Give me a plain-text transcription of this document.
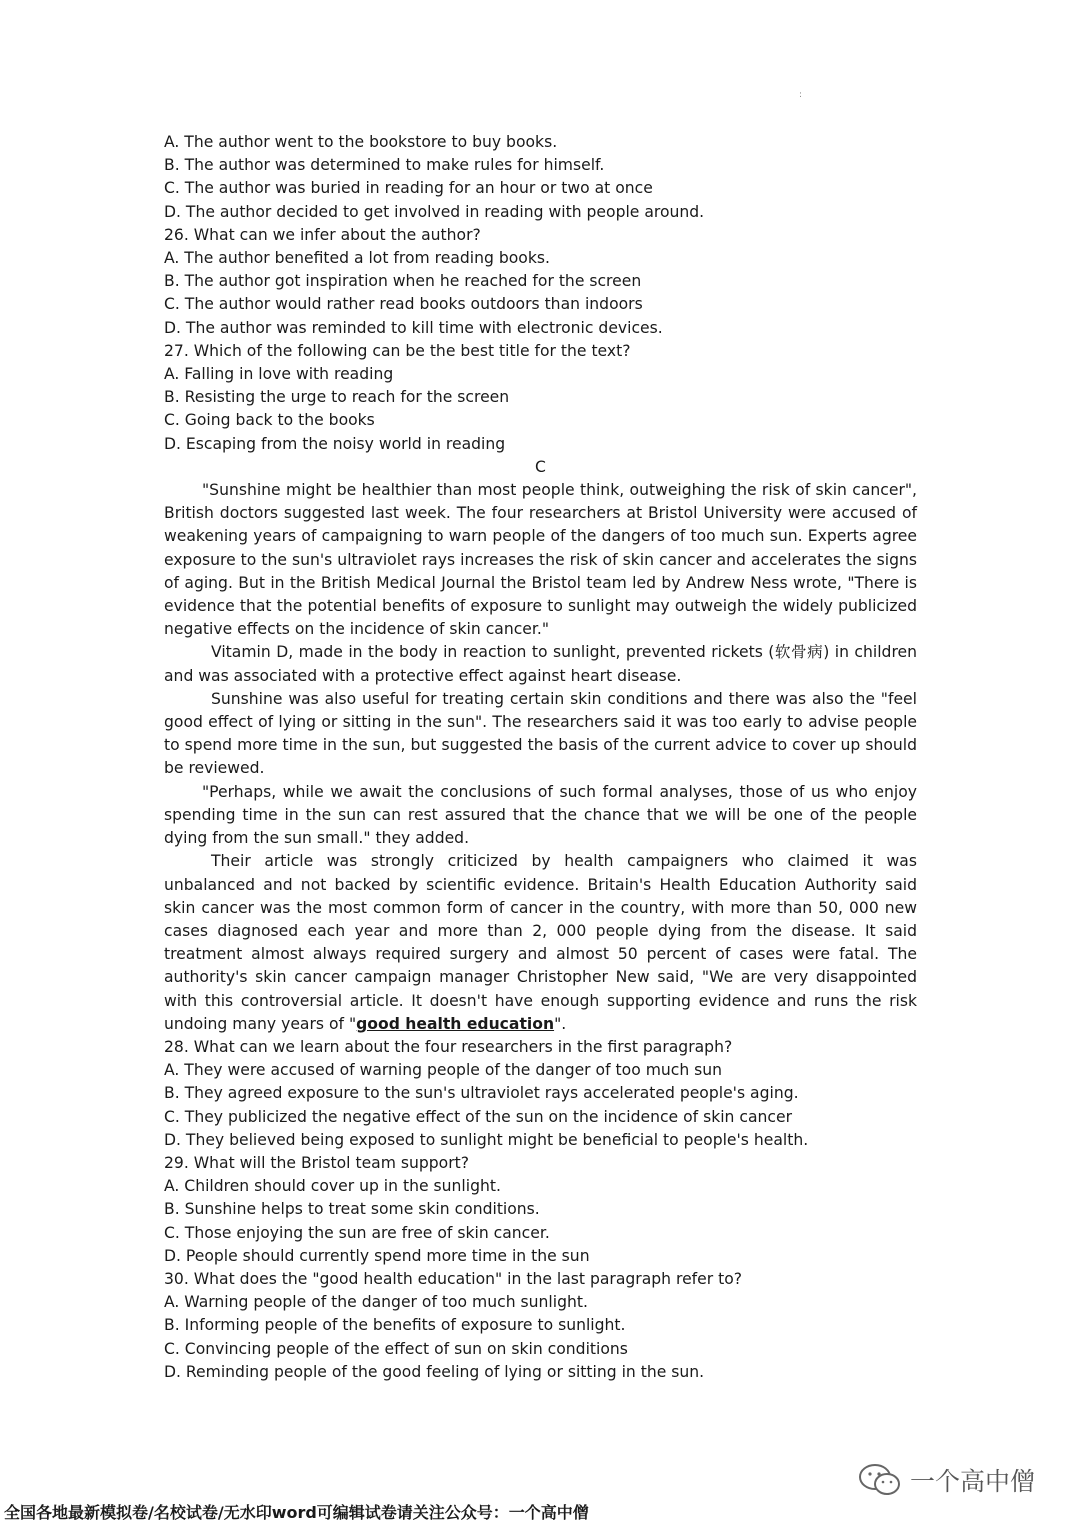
:
A. The author went to the bookstore to buy books.
B. The author was determined to make rules for himself.
C. The author was buried in reading for an hour or two at once
D. The author decided to get involved in reading with people around.
26. What can we infer about the author?
A. The author benefited a lot from reading books.
B. The author got inspiration when he reached for the screen
C. The author would rather read books outdoors than indoors
D. The author was reminded to kill time with electronic devices.
27. Which of the following can be the best title for the text?
A. Falling in love with reading
B. Resisting the urge to reach for the screen
C. Going back to the books
D. Escaping from the noisy world in reading
C

"Sunshine might be healthier than most people think, outweighing the risk of skin cancer", British doctors suggested last week. The four researchers at Bristol University were accused of weakening years of campaigning to warn people of the dangers of too much sun. Experts agree exposure to the sun's ultraviolet rays increases the risk of skin cancer and accelerates the signs of aging. But in the British Medical Journal the Bristol team led by Andrew Ness wrote, "There is evidence that the potential benefits of exposure to sunlight may outweigh the widely publicized negative effects on the incidence of skin cancer."

Vitamin D, made in the body in reaction to sunlight, prevented rickets (软骨病) in children and was associated with a protective effect against heart disease.

Sunshine was also useful for treating certain skin conditions and there was also the "feel good effect of lying or sitting in the sun". The researchers said it was too early to advise people to spend more time in the sun, but suggested the basis of the current advice to cover up should be reviewed.

"Perhaps, while we await the conclusions of such formal analyses, those of us who enjoy spending time in the sun can rest assured that the chance that we will be one of the people dying from the sun small." they added.

Their article was strongly criticized by health campaigners who claimed it was unbalanced and not backed by scientific evidence. Britain's Health Education Authority said skin cancer was the most common form of cancer in the country, with more than 50, 000 new cases diagnosed each year and more than 2, 000 people dying from the disease. It said treatment almost always required surgery and almost 50 percent of cases were fatal. The authority's skin cancer campaign manager Christopher New said, "We are very disappointed with this controversial article. It doesn't have enough supporting evidence and runs the risk undoing many years of "good health education".

28. What can we learn about the four researchers in the first paragraph?
A. They were accused of warning people of the danger of too much sun
B. They agreed exposure to the sun's ultraviolet rays accelerated people's aging.
C. They publicized the negative effect of the sun on the incidence of skin cancer
D. They believed being exposed to sunlight might be beneficial to people's health.
29. What will the Bristol team support?
A. Children should cover up in the sunlight.
B. Sunshine helps to treat some skin conditions.
C. Those enjoying the sun are free of skin cancer.
D. People should currently spend more time in the sun
30. What does the "good health education" in the last paragraph refer to?
A. Warning people of the danger of too much sunlight.
B. Informing people of the benefits of exposure to sunlight.
C. Convincing people of the effect of sun on skin conditions
D. Reminding people of the good feeling of lying or sitting in the sun.
一个高中僧
全国各地最新模拟卷/名校试卷/无水印word可编辑试卷请关注公众号：一个高中僧
